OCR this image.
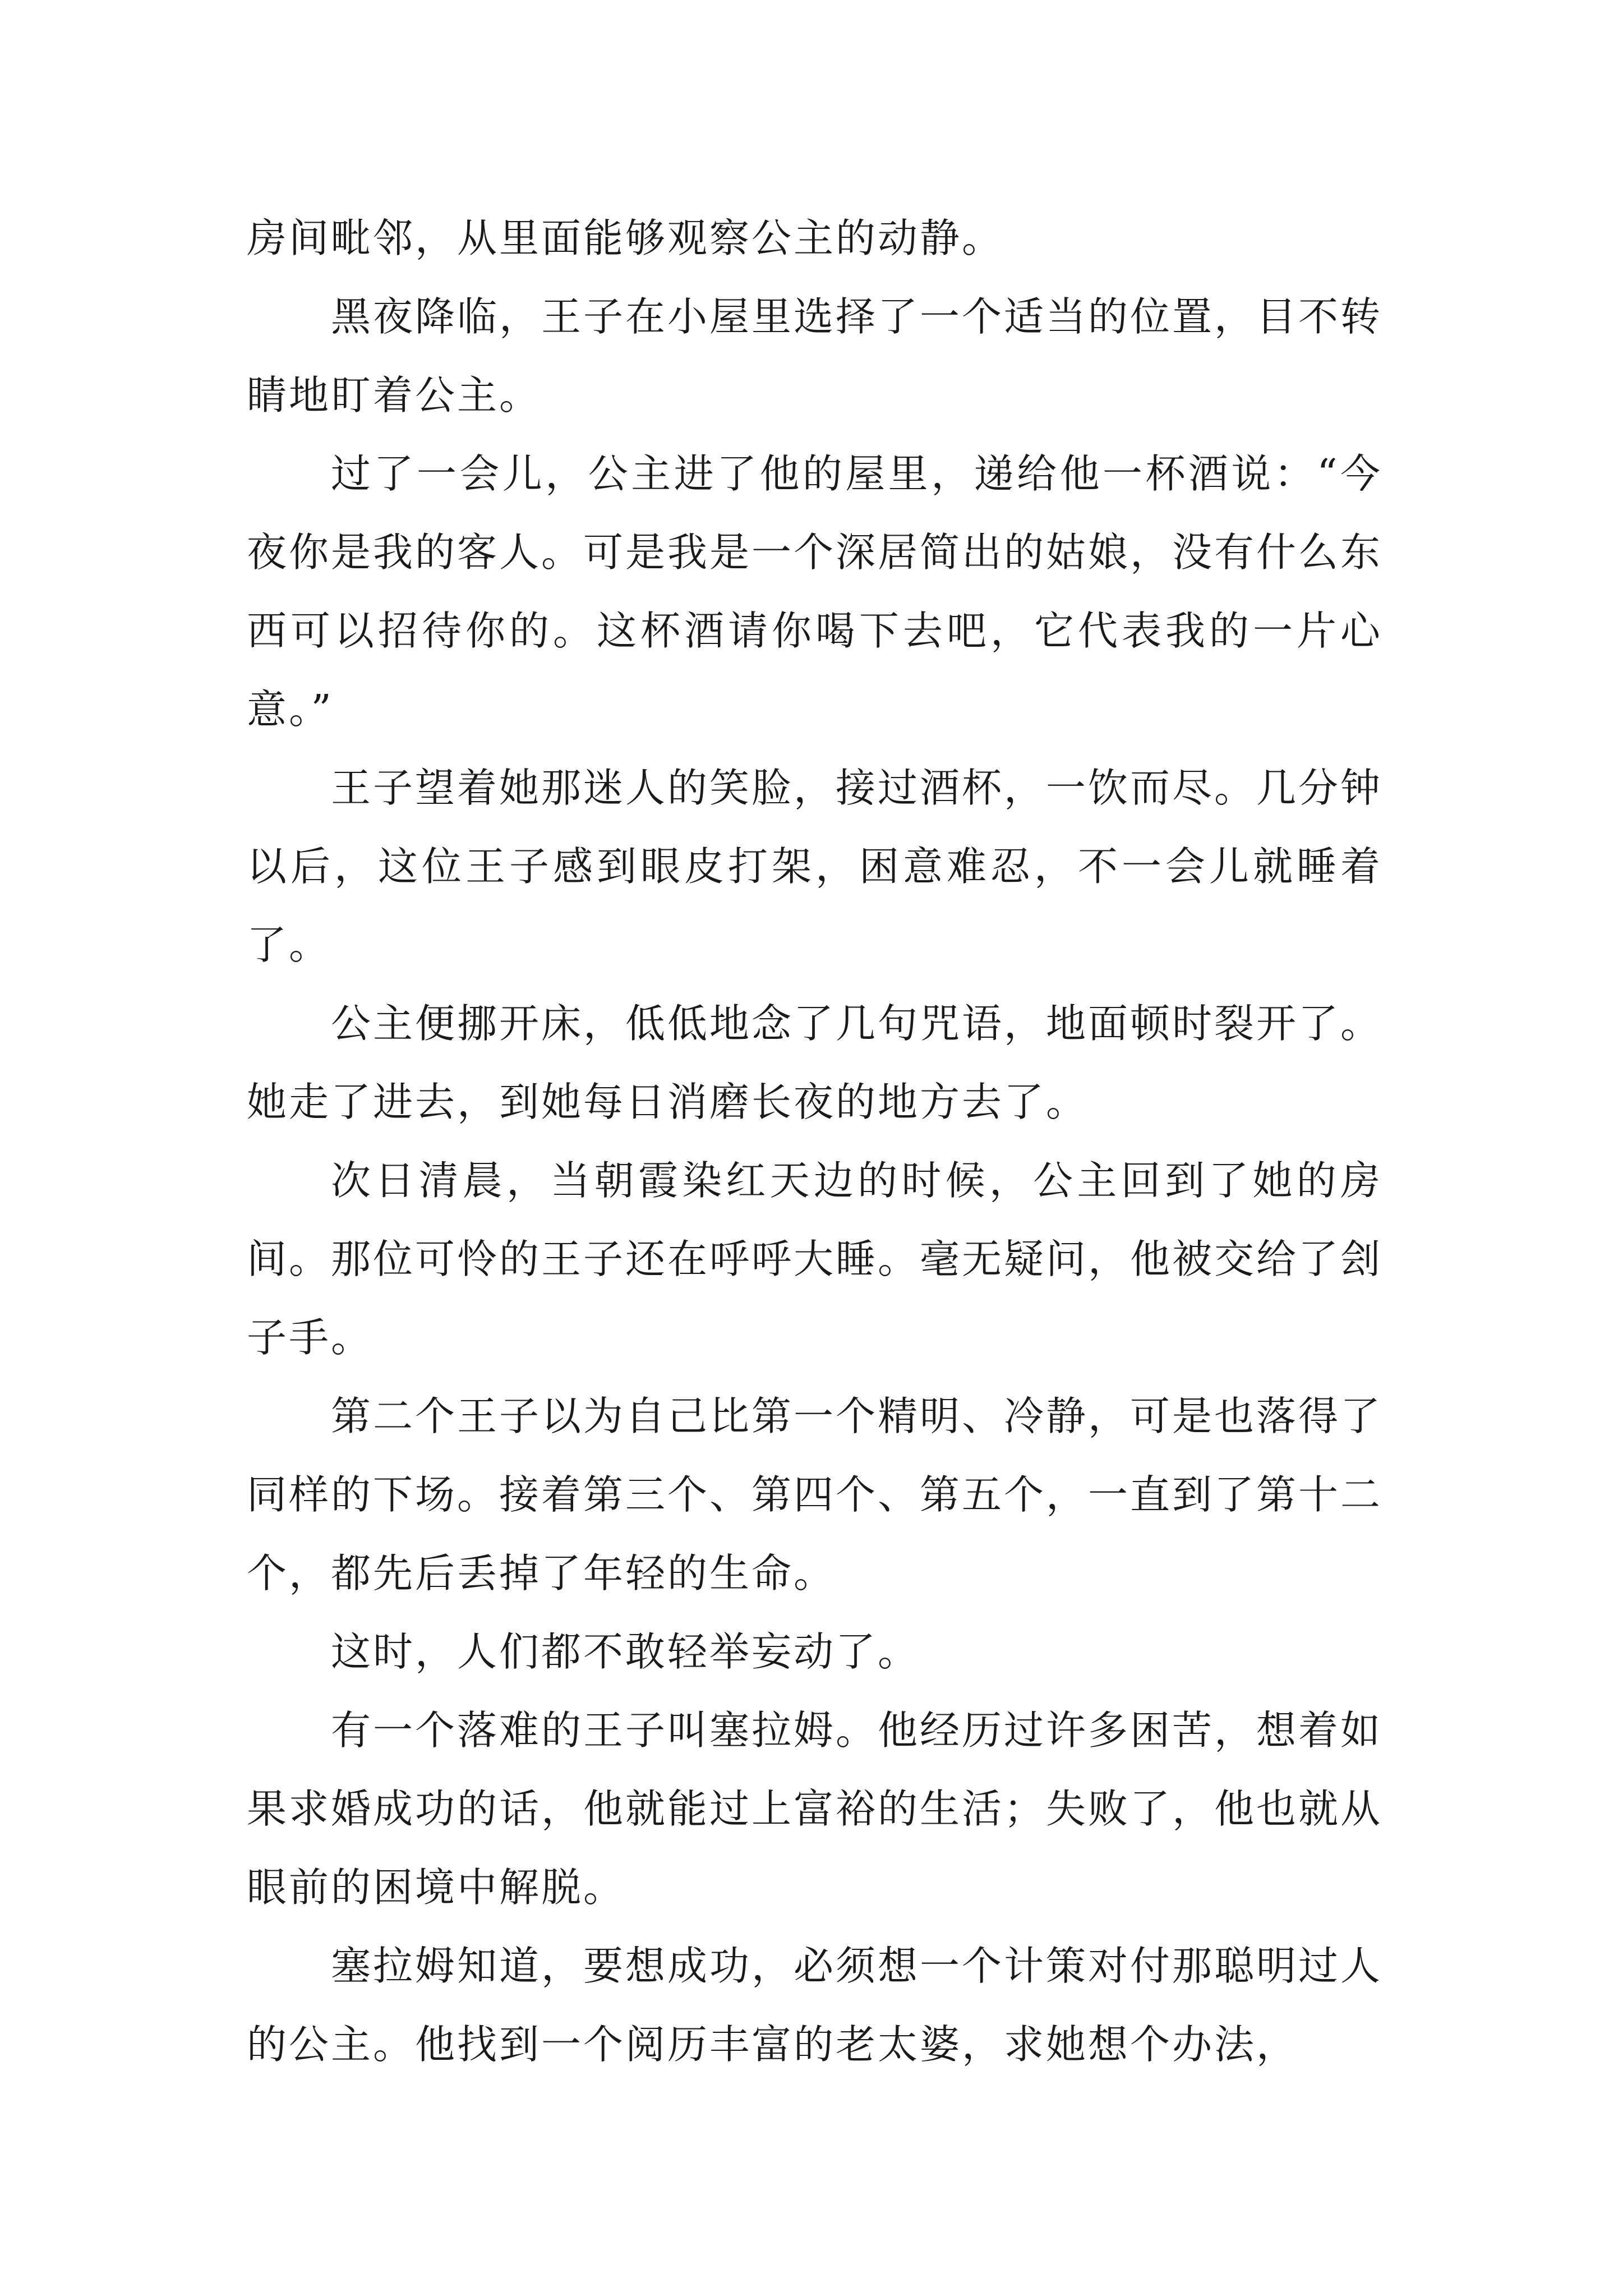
房间毗邻，从里面能够观察公主的动静。

黑夜降临，王子在小屋里选择了一个适当的位置，目不转睛地盯着公主。

过了一会儿，公主进了他的屋里，递给他一杯酒说：“今夜你是我的客人。可是我是一个深居简出的姑娘，没有什么东西可以招待你的。这杯酒请你喝下去吧，它代表我的一片心意。”

王子望着她那迷人的笑脸，接过酒杯，一饮而尽。几分钟以后，这位王子感到眼皮打架，困意难忍，不一会儿就睡着了。

公主便挪开床，低低地念了几句咒语，地面顿时裂开了。她走了进去，到她每日消磨长夜的地方去了。

次日清晨，当朝霞染红天边的时候，公主回到了她的房间。那位可怜的王子还在呼呼大睡。毫无疑问，他被交给了刽子手。

第二个王子以为自己比第一个精明、冷静，可是也落得了同样的下场。接着第三个、第四个、第五个，一直到了第十二个，都先后丢掉了年轻的生命。

这时，人们都不敢轻举妄动了。

有一个落难的王子叫塞拉姆。他经历过许多困苦，想着如果求婚成功的话，他就能过上富裕的生活；失败了，他也就从眼前的困境中解脱。

塞拉姆知道，要想成功，必须想一个计策对付那聪明过人的公主。他找到一个阅历丰富的老太婆，求她想个办法，
